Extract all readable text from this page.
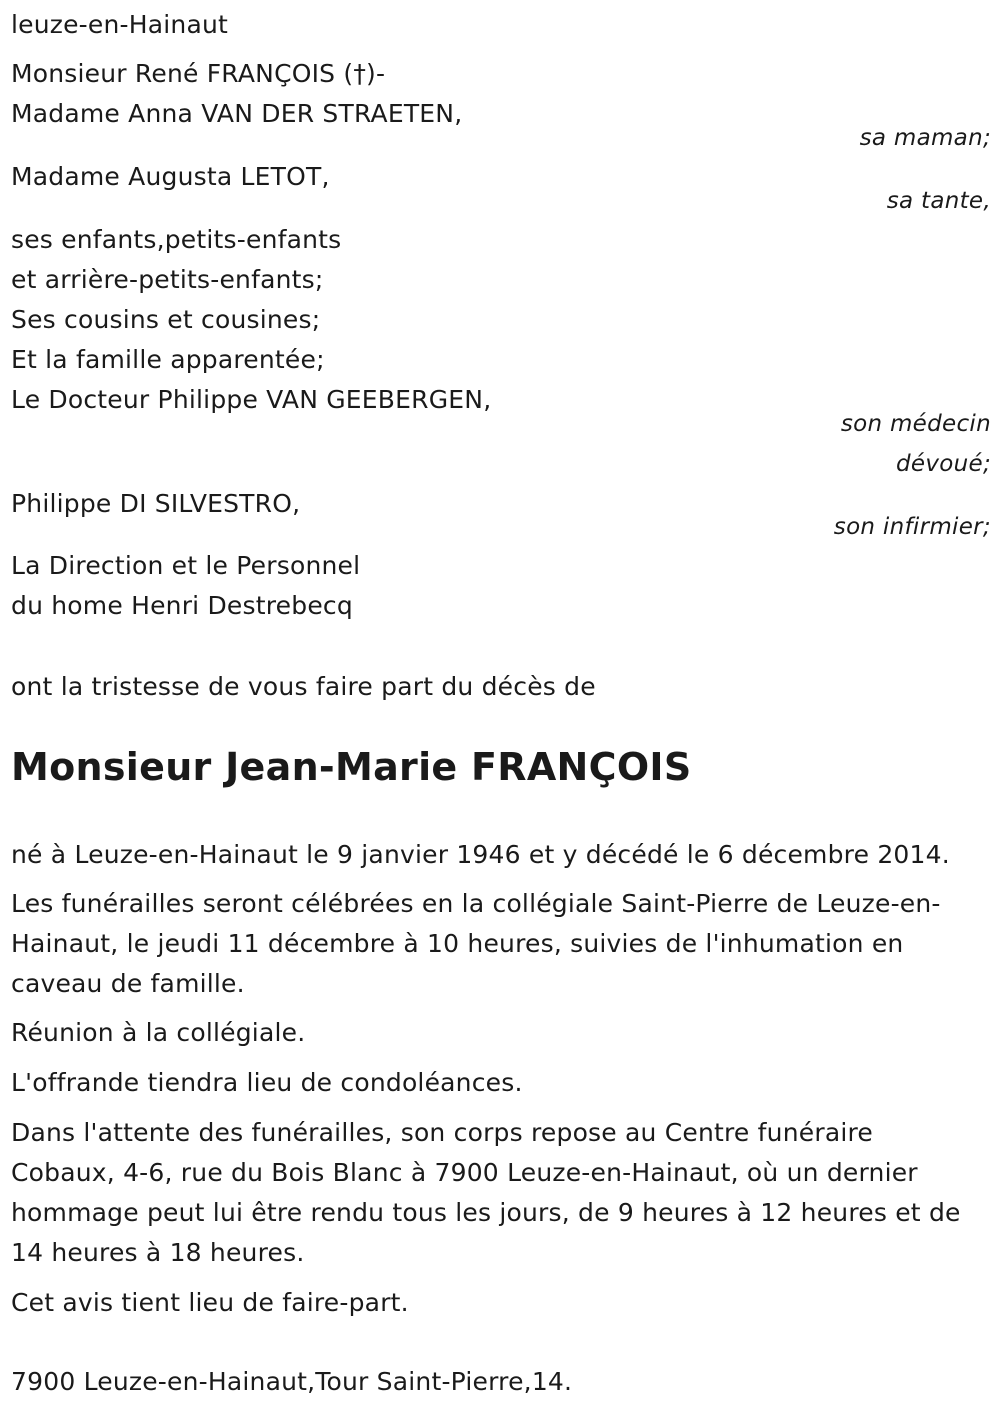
leuze-en-Hainaut
Monsieur René FRANÇOIS (†)-
Madame Anna VAN DER STRAETEN,
sa maman;
Madame Augusta LETOT,
sa tante,
ses enfants,petits-enfants
et arrière-petits-enfants;
Ses cousins et cousines;
Et la famille apparentée;
Le Docteur Philippe VAN GEEBERGEN,
son médecin
dévoué;
Philippe DI SILVESTRO,
son infirmier;
La Direction et le Personnel
du home Henri Destrebecq
ont la tristesse de vous faire part du décès de
Monsieur Jean-Marie FRANÇOIS
né à Leuze-en-Hainaut le 9 janvier 1946 et y décédé le 6 décembre 2014.
Les funérailles seront célébrées en la collégiale Saint-Pierre de Leuze-en-Hainaut, le jeudi 11 décembre à 10 heures, suivies de l'inhumation en caveau de famille.
Réunion à la collégiale.
L'offrande tiendra lieu de condoléances.
Dans l'attente des funérailles, son corps repose au Centre funéraire Cobaux, 4-6, rue du Bois Blanc à 7900 Leuze-en-Hainaut, où un dernier hommage peut lui être rendu tous les jours, de 9 heures à 12 heures et de 14 heures à 18 heures.
Cet avis tient lieu de faire-part.
7900 Leuze-en-Hainaut,Tour Saint-Pierre,14.
